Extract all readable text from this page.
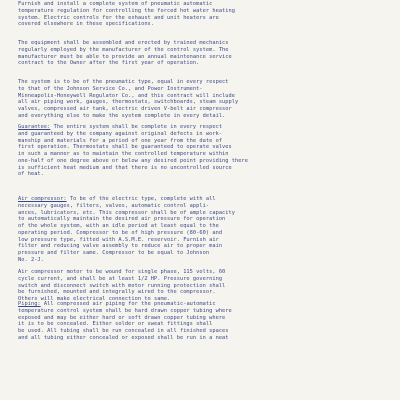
Furnish and install a complete system of pneumatic automatic
temperature regulation for controlling the forced hot water heating
system. Electric controls for the exhaust and unit heaters are
covered elsewhere in these specifications.
The equipment shall be assembled and erected by trained mechanics
regularly employed by the manufacturer of the control system. The
manufacturer must be able to provide an annual maintenance service
contract to the Owner after the first year of operation.
The system is to be of the pneumatic type, equal in every respect
to that of the Johnson Service Co., and Power Instrument-
Minneapolis-Honeywell Regulator Co., and this contract will include
all air piping work, gauges, thermostats, switchboards, steam supply
valves, compressed air tank, electric driven V-belt air compressor
and everything else to make the system complete in every detail.
Guarantee: The entire system shall be complete in every respect
and guaranteed by the company against original defects in work-
manship and materials for a period of one year from the date of
first operation. Thermostats shall be guaranteed to operate valves
in such a manner as to maintain the controlled temperature within
one-half of one degree above or below any desired point providing there
is sufficient heat medium and that there is no uncontrolled source
of heat.
Air compressor: To be of the electric type, complete with all
necessary gauges, filters, valves, automatic control appli-
ances, lubricators, etc. This compressor shall be of ample capacity
to automatically maintain the desired air pressure for operation
of the whole system, with an idle period at least equal to the
operating period. Compressor to be of high pressure (80-60) and
low pressure type, fitted with A.S.M.E. reservoir. Furnish air
filter and reducing valve assembly to reduce air to proper main
pressure and filter same. Compressor to be equal to Johnson
No. 2-J.
Air compressor motor to be wound for single phase, 115 volts, 60
cycle current, and shall be at least 1/2 HP. Pressure governing
switch and disconnect switch with motor running protection shall
be furnished, mounted and integrally wired to the compressor.
Others will make electrical connection to same.
Piping: All compressed air piping for the pneumatic-automatic
temperature control system shall be hard drawn copper tubing where
exposed and may be either hard or soft drawn copper tubing where
it is to be concealed. Either solder or sweat fittings shall
be used. All tubing shall be run concealed in all finished spaces
and all tubing either concealed or exposed shall be run in a neat
